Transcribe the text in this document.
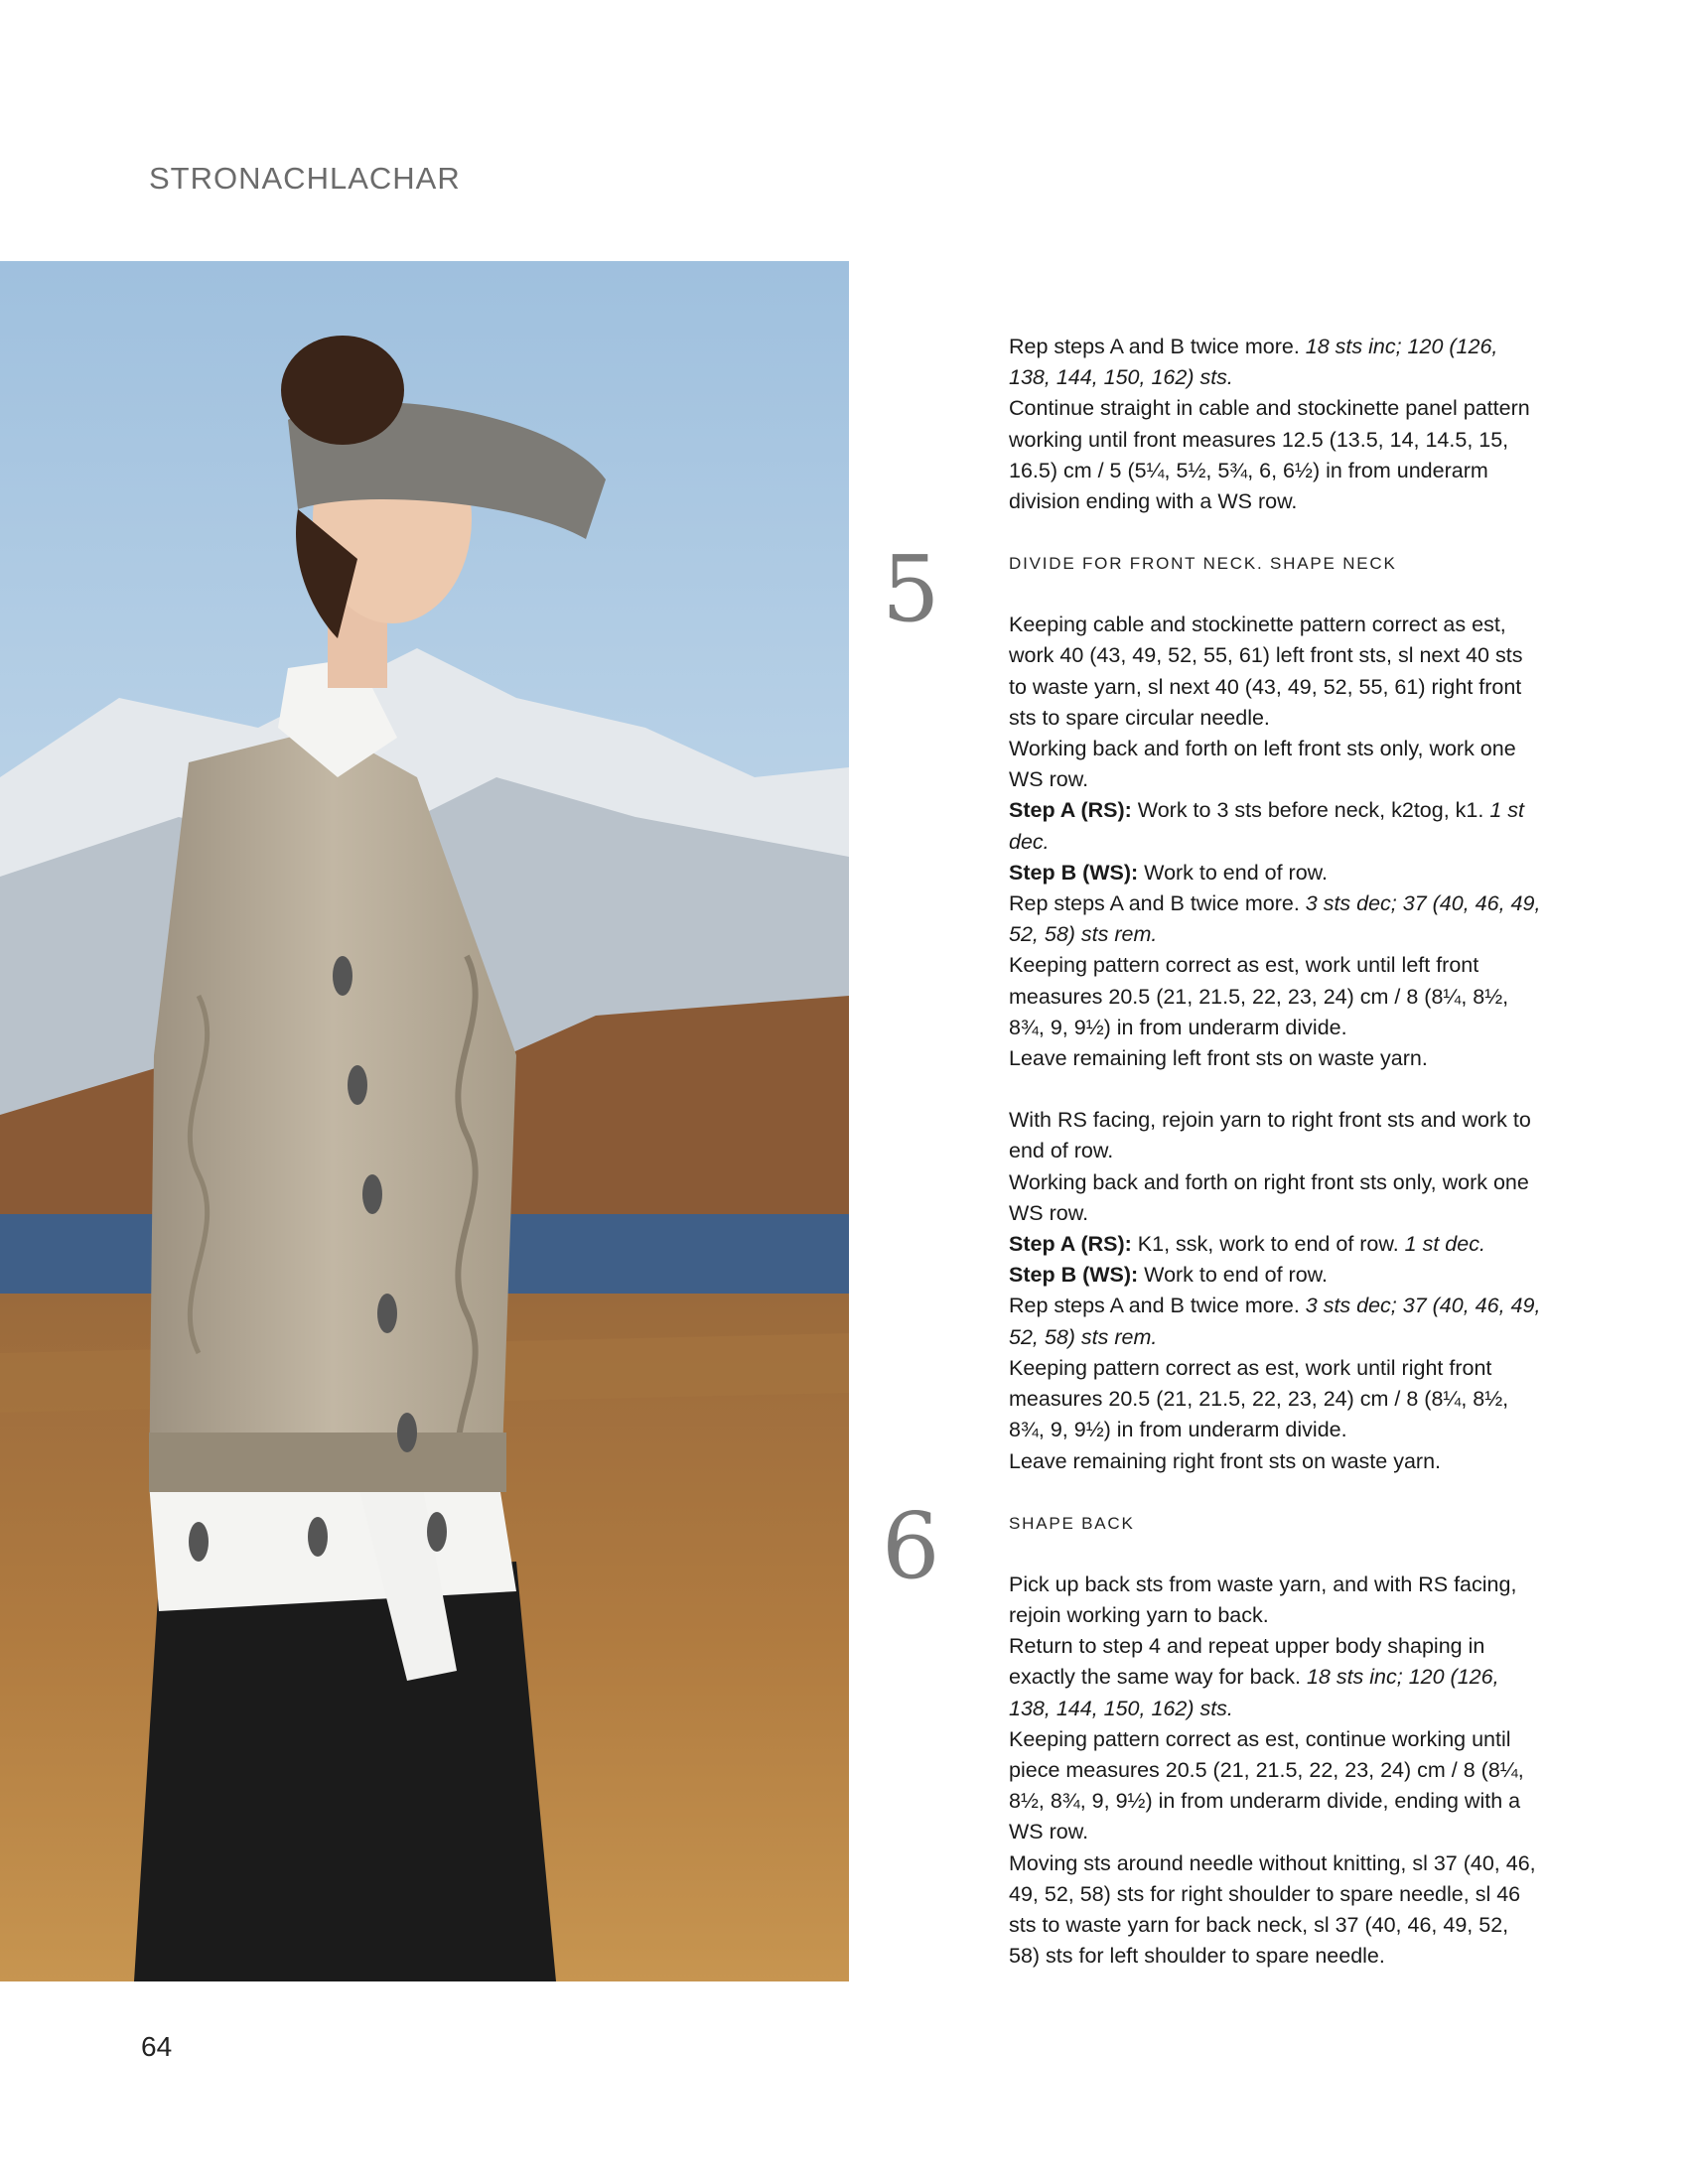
STRONACHLACHAR

Rep steps A and B twice more. 18 sts inc; 120 (126, 138, 144, 150, 162) sts.

Continue straight in cable and stockinette panel pattern working until front measures 12.5 (13.5, 14, 14.5, 15, 16.5) cm / 5 (5¼, 5½, 5¾, 6, 6½) in from underarm division ending with a WS row.

DIVIDE FOR FRONT NECK. SHAPE NECK

Keeping cable and stockinette pattern correct as est, work 40 (43, 49, 52, 55, 61) left front sts, sl next 40 sts to waste yarn, sl next 40 (43, 49, 52, 55, 61) right front sts to spare circular needle.

Working back and forth on left front sts only, work one WS row.

Step A (RS): Work to 3 sts before neck, k2tog, k1. 1 st dec.

Step B (WS): Work to end of row.

Rep steps A and B twice more. 3 sts dec; 37 (40, 46, 49, 52, 58) sts rem.

Keeping pattern correct as est, work until left front measures 20.5 (21, 21.5, 22, 23, 24) cm / 8 (8¼, 8½, 8¾, 9, 9½) in from underarm divide.

Leave remaining left front sts on waste yarn.

With RS facing, rejoin yarn to right front sts and work to end of row.

Working back and forth on right front sts only, work one WS row.

Step A (RS): K1, ssk, work to end of row. 1 st dec.

Step B (WS): Work to end of row.

Rep steps A and B twice more. 3 sts dec; 37 (40, 46, 49, 52, 58) sts rem.

Keeping pattern correct as est, work until right front measures 20.5 (21, 21.5, 22, 23, 24) cm / 8 (8¼, 8½, 8¾, 9, 9½) in from underarm divide.

Leave remaining right front sts on waste yarn.

SHAPE BACK

Pick up back sts from waste yarn, and with RS facing, rejoin working yarn to back.

Return to step 4 and repeat upper body shaping in exactly the same way for back. 18 sts inc; 120 (126, 138, 144, 150, 162) sts.

Keeping pattern correct as est, continue working until piece measures 20.5 (21, 21.5, 22, 23, 24) cm / 8 (8¼, 8½, 8¾, 9, 9½) in from underarm divide, ending with a WS row.

Moving sts around needle without knitting, sl 37 (40, 46, 49, 52, 58) sts for right shoulder to spare needle, sl 46 sts to waste yarn for back neck, sl 37 (40, 46, 49, 52, 58) sts for left shoulder to spare needle.

5
6
64
